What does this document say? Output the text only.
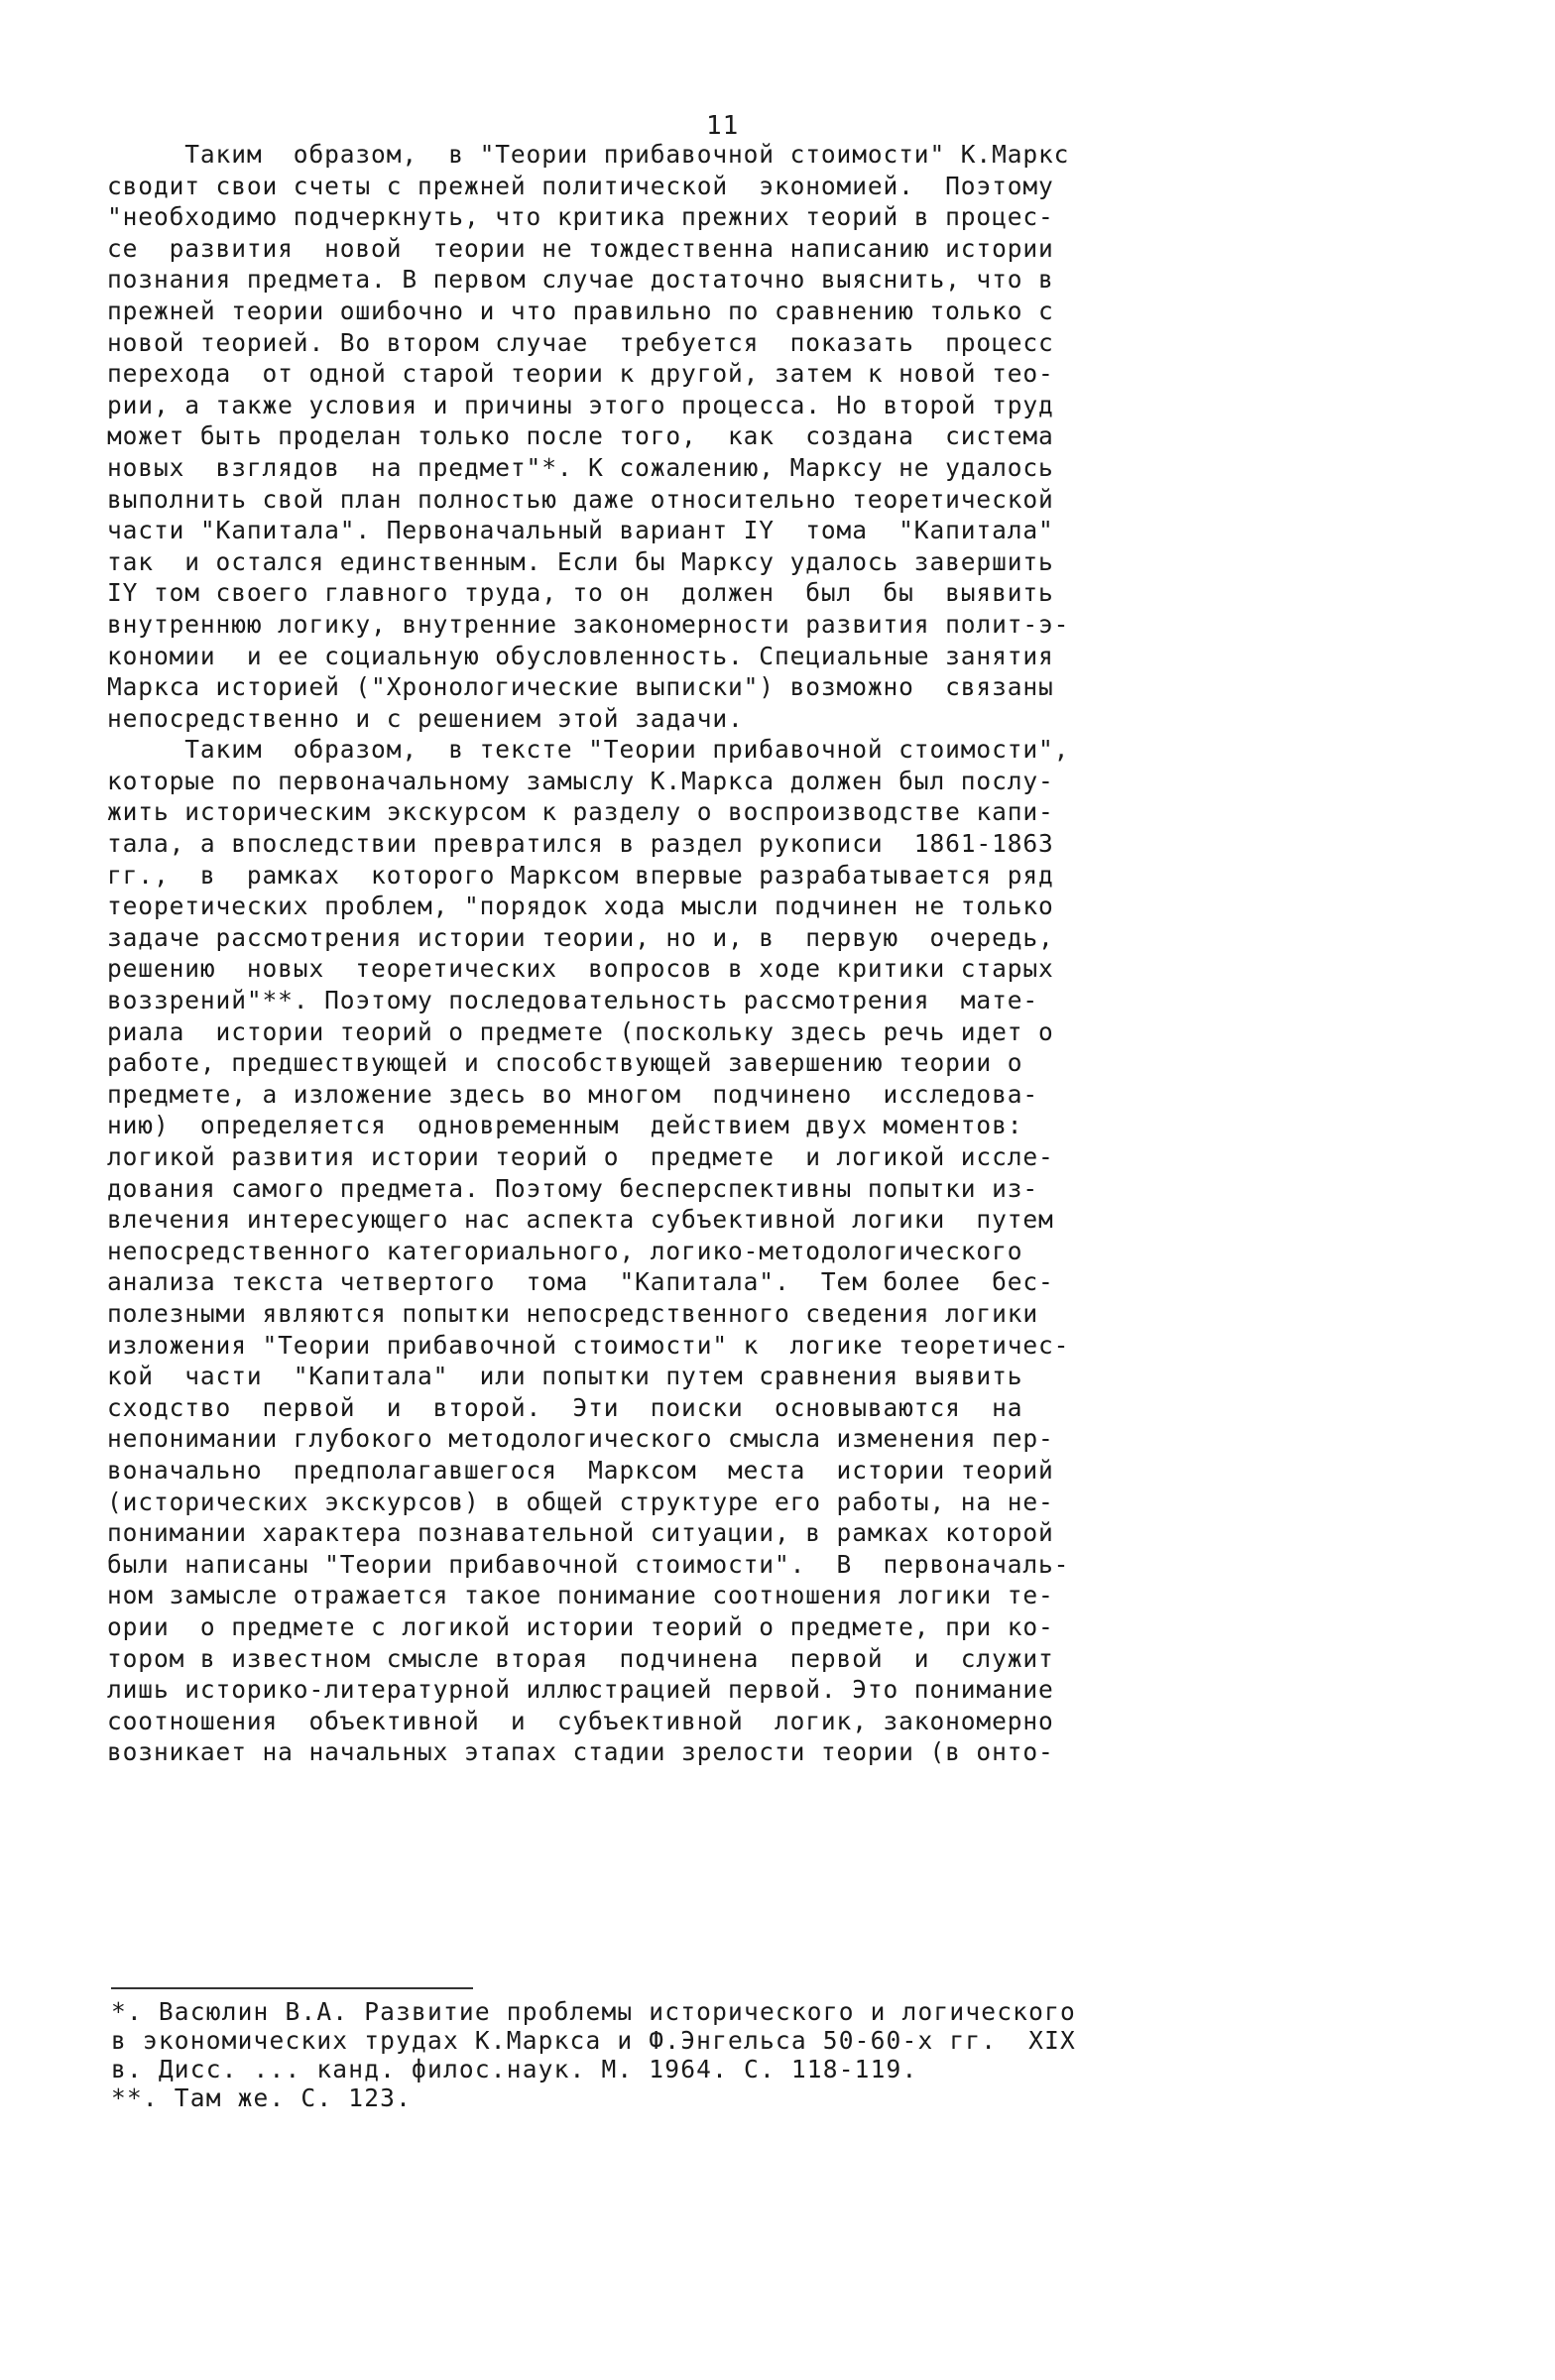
11
Таким  образом,  в "Теории прибавочной стоимости" К.Маркс
сводит свои счеты с прежней политической  экономией.  Поэтому
"необходимо подчеркнуть, что критика прежних теорий в процес-
се  развития  новой  теории не тождественна написанию истории
познания предмета. В первом случае достаточно выяснить, что в
прежней теории ошибочно и что правильно по сравнению только с
новой теорией. Во втором случае  требуется  показать  процесс
перехода  от одной старой теории к другой, затем к новой тео-
рии, а также условия и причины этого процесса. Но второй труд
может быть проделан только после того,  как  создана  система
новых  взглядов  на предмет"*. К сожалению, Марксу не удалось
выполнить свой план полностью даже относительно теоретической
части "Капитала". Первоначальный вариант IY  тома  "Капитала"
так  и остался единственным. Если бы Марксу удалось завершить
IY том своего главного труда, то он  должен  был  бы  выявить
внутреннюю логику, внутренние закономерности развития полит-э-
кономии  и ее социальную обусловленность. Специальные занятия
Маркса историей ("Хронологические выписки") возможно  связаны
непосредственно и с решением этой задачи.
Таким  образом,  в тексте "Теории прибавочной стоимости",
которые по первоначальному замыслу К.Маркса должен был послу-
жить историческим экскурсом к разделу о воспроизводстве капи-
тала, а впоследствии превратился в раздел рукописи  1861-1863
гг.,  в  рамках  которого Марксом впервые разрабатывается ряд
теоретических проблем, "порядок хода мысли подчинен не только
задаче рассмотрения истории теории, но и, в  первую  очередь,
решению  новых  теоретических  вопросов в ходе критики старых
воззрений"**. Поэтому последовательность рассмотрения  мате-
риала  истории теорий о предмете (поскольку здесь речь идет о
работе, предшествующей и способствующей завершению теории о
предмете, а изложение здесь во многом  подчинено  исследова-
нию)  определяется  одновременным  действием двух моментов:
логикой развития истории теорий о  предмете  и логикой иссле-
дования самого предмета. Поэтому бесперспективны попытки из-
влечения интересующего нас аспекта субъективной логики  путем
непосредственного категориального, логико-методологического
анализа текста четвертого  тома  "Капитала".  Тем более  бес-
полезными являются попытки непосредственного сведения логики
изложения "Теории прибавочной стоимости" к  логике теоретичес-
кой  части  "Капитала"  или попытки путем сравнения выявить
сходство  первой  и  второй.  Эти  поиски  основываются  на
непонимании глубокого методологического смысла изменения пер-
воначально  предполагавшегося  Марксом  места  истории теорий
(исторических экскурсов) в общей структуре его работы, на не-
понимании характера познавательной ситуации, в рамках которой
были написаны "Теории прибавочной стоимости".  В  первоначаль-
ном замысле отражается такое понимание соотношения логики те-
ории  о предмете с логикой истории теорий о предмете, при ко-
тором в известном смысле вторая  подчинена  первой  и  служит
лишь историко-литературной иллюстрацией первой. Это понимание
соотношения  объективной  и  субъективной  логик, закономерно
возникает на начальных этапах стадии зрелости теории (в онто-
*. Васюлин В.А. Развитие проблемы исторического и логического
в экономических трудах К.Маркса и Ф.Энгельса 50-60-х гг.  XIX
в. Дисс. ... канд. филос.наук. М. 1964. С. 118-119.
**. Там же. С. 123.
